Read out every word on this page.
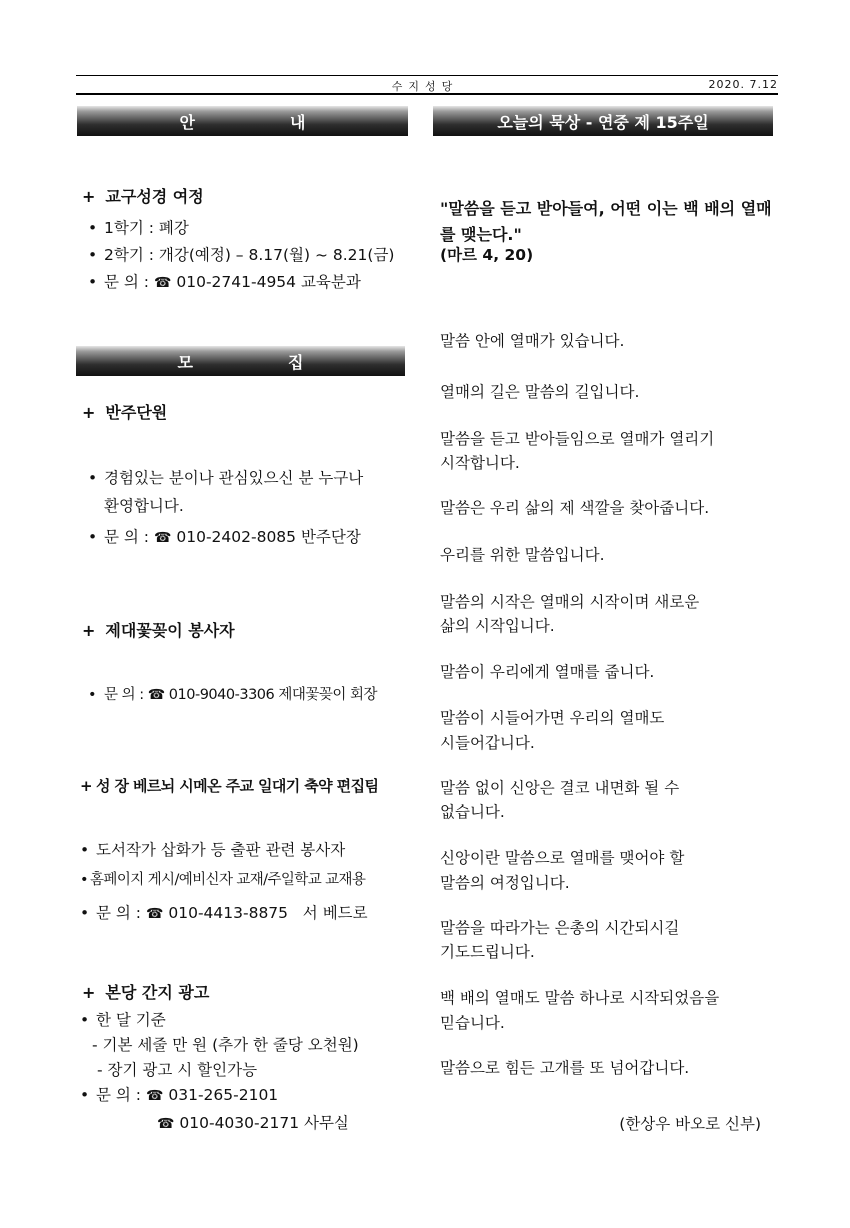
수지성당	2020. 7.12
안	내
+ 교구성경 여정
• 1학기 : 폐강
• 2학기 : 개강(예정) – 8.17(월) ~ 8.21(금)
• 문 의 : ☎ 010-2741-4954 교육분과
모	집
+ 반주단원
• 경험있는 분이나 관심있으신 분 누구나
환영합니다.
• 문 의 : ☎ 010-2402-8085 반주단장
+ 제대꽃꽂이 봉사자
• 문 의 : ☎ 010-9040-3306 제대꽃꽂이 회장
+ 성 장 베르뇌 시메온 주교 일대기 축약 편집팀
• 도서작가 삽화가 등 출판 관련 봉사자
• 홈페이지 게시/예비신자 교재/주일학교 교재용
• 문 의 : ☎ 010-4413-8875   서 베드로
+ 본당 간지 광고
• 한 달 기준
- 기본 세줄 만 원 (추가 한 줄당 오천원)
- 장기 광고 시 할인가능
• 문 의 : ☎ 031-265-2101
☎ 010-4030-2171 사무실
오늘의 묵상 - 연중 제 15주일
"말씀을 듣고 받아들여, 어떤 이는 백 배의 열매를 맺는다."
(마르 4, 20)
말씀 안에 열매가 있습니다.
열매의 길은 말씀의 길입니다.
말씀을 듣고 받아들임으로 열매가 열리기
시작합니다.
말씀은 우리 삶의 제 색깔을 찾아줍니다.
우리를 위한 말씀입니다.
말씀의 시작은 열매의 시작이며 새로운
삶의 시작입니다.
말씀이 우리에게 열매를 줍니다.
말씀이 시들어가면 우리의 열매도
시들어갑니다.
말씀 없이 신앙은 결코 내면화 될 수
없습니다.
신앙이란 말씀으로 열매를 맺어야 할
말씀의 여정입니다.
말씀을 따라가는 은총의 시간되시길
기도드립니다.
백 배의 열매도 말씀 하나로 시작되었음을
믿습니다.
말씀으로 힘든 고개를 또 넘어갑니다.
(한상우 바오로 신부)
